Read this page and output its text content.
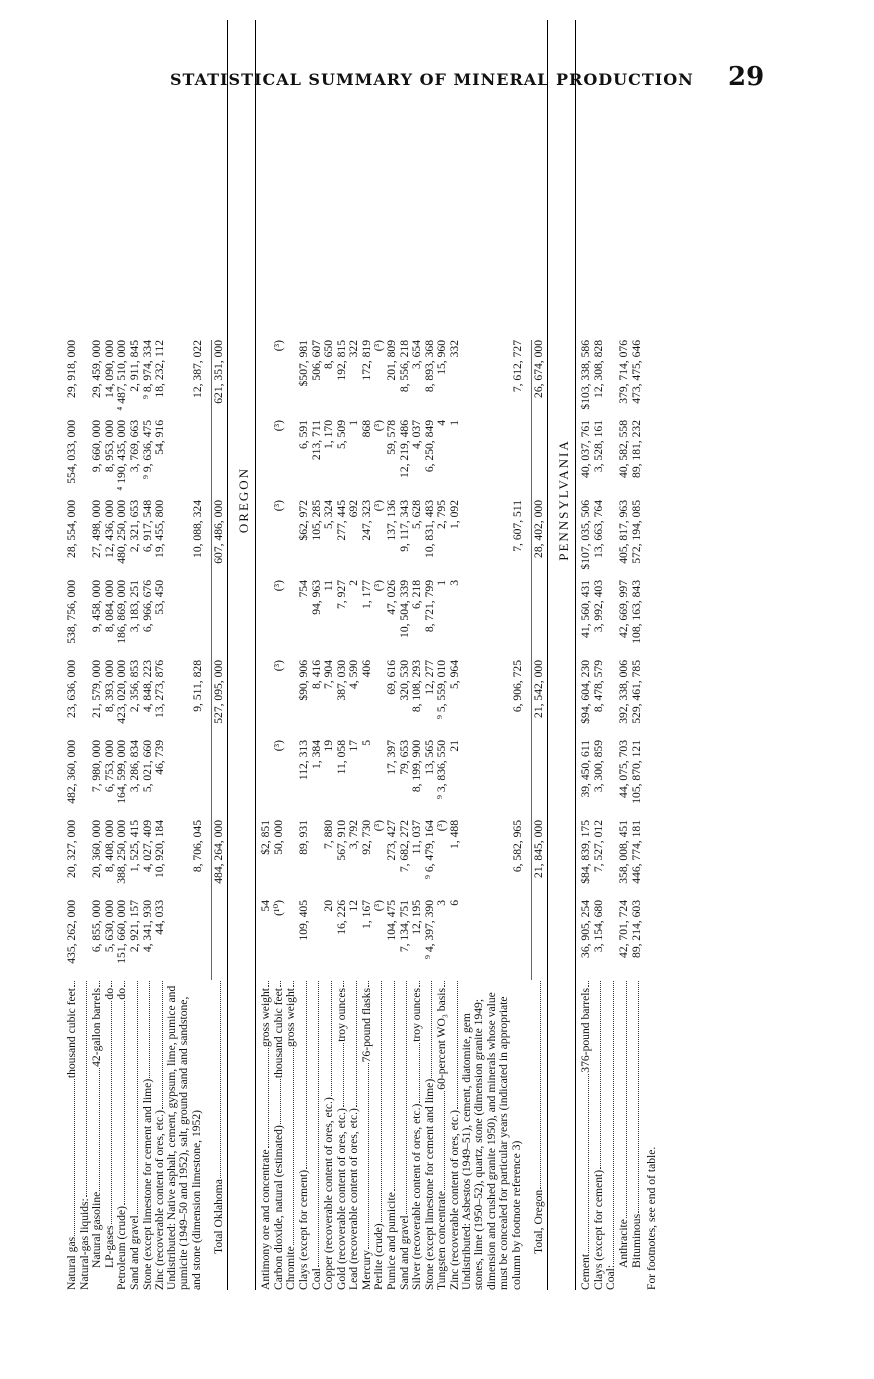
STATISTICAL SUMMARY OF MINERAL PRODUCTION 29
Natural gas
thousand cubic feet
435, 262, 000
20, 327, 000
482, 360, 000
23, 636, 000
538, 756, 000
28, 554, 000
554, 033, 000
29, 918, 000
Natural-gas liquids: Natural gasoline
42-gallon barrels
6, 855, 000
20, 360, 000
7, 980, 000
21, 579, 000
9, 458, 000
27, 498, 000
9, 660, 000
29, 459, 000
LP-gases
do
5, 630, 000
8, 408, 000
6, 753, 000
8, 393, 000
8, 084, 000
12, 436, 000
8, 953, 000
14, 090, 000
Petroleum (crude)
do
151, 660, 000
388, 250, 000
164, 599, 000
423, 020, 000
186, 869, 000
480, 250, 000
⁴ 190, 435, 000
⁴ 487, 510, 000
Sand and gravel
2, 921, 157
1, 525, 415
3, 286, 834
2, 356, 853
3, 183, 251
2, 321, 653
3, 769, 663
2, 911, 845
Stone (except limestone for cement and lime)
4, 341, 930
4, 027, 409
5, 021, 660
4, 848, 223
6, 966, 676
6, 917, 548
⁹ 9, 636, 475
⁹ 8, 974, 334
Zinc (recoverable content of ores, etc.)
44, 033
10, 920, 184
46, 739
13, 273, 876
53, 450
19, 455, 800
54, 916
18, 232, 112
Undistributed: Native asphalt, cement, gypsum, lime, pumice and pumicite (1949–50 and 1952), salt, ground sand and sandstone, and stone (dimension limestone, 1952)
8, 706, 045
9, 511, 828
10, 088, 324
12, 387, 022
Total Oklahoma
484, 264, 000
527, 095, 000
607, 486, 000
621, 351, 000
OREGON
Antimony ore and concentrate
gross weight
54
$2, 851
Carbon dioxide, natural (estimated)
thousand cubic feet
(¹⁰)
50, 000
(³)
(³)
(³)
(³)
(³)
(³)
Chromite
gross weight
Clays (except for cement)
109, 405
89, 931
112, 313
$90, 906
754
$62, 972
6, 591
$507, 981
Coal
1, 384
8, 416
94, 963
105, 285
213, 711
506, 607
Copper (recoverable content of ores, etc.)
20
7, 880
19
7, 904
11
5, 324
1, 170
8, 650
Gold (recoverable content of ores, etc.)
troy ounces
16, 226
567, 910
11, 058
387, 030
7, 927
277, 445
5, 509
192, 815
Lead (recoverable content of ores, etc.)
12
3, 792
17
4, 590
2
692
1
322
Mercury
76-pound flasks
1, 167
92, 730
5
406
1, 177
247, 323
868
172, 819
Perlite (crude)
(³)
(³)
(³)
(³)
(³)
(³)
Pumice and pumicite
104, 475
273, 427
17, 397
69, 616
47, 026
137, 136
59, 578
201, 809
Sand and gravel
7, 134, 751
7, 682, 272
79, 653
320, 530
10, 504, 339
9, 117, 343
12, 219, 486
8, 556, 218
Silver (recoverable content of ores, etc.)
troy ounces
12, 195
11, 037
8, 199, 900
8, 108, 293
6, 218
5, 628
4, 037
3, 654
Stone (except limestone for cement and lime)
⁹ 4, 397, 390
⁹ 6, 479, 164
13, 565
12, 277
8, 721, 799
10, 831, 483
6, 250, 849
8, 893, 368
Tungsten concentrate
60-percent WO₃ basis
3
(³)
⁹ 3, 836, 550
⁹ 5, 559, 010
1
2, 795
4
15, 960
Zinc (recoverable content of ores, etc.)
6
1, 488
21
5, 964
3
1, 092
1
332
Undistributed: Asbestos (1949–51), cement, diatomite, gem stones, lime (1950–52), quartz, stone (dimension granite 1949; dimension and crushed granite 1950), and minerals whose value must be concealed for particular years (indicated in appropriate column by footnote reference 3)
6, 582, 965
6, 906, 725
7, 607, 511
7, 612, 727
Total, Oregon
21, 845, 000
21, 542, 000
28, 402, 000
26, 674, 000
PENNSYLVANIA
Cement
376-pound barrels
36, 905, 254
$84, 839, 175
39, 450, 611
$94, 604, 230
41, 560, 431
$107, 035, 506
40, 037, 761
$103, 338, 586
Clays (except for cement)
3, 154, 680
7, 527, 012
3, 300, 859
8, 478, 579
3, 992, 403
13, 663, 764
3, 528, 161
12, 308, 828
Coal:
Anthracite
42, 701, 724
358, 008, 451
44, 075, 703
392, 338, 006
42, 669, 997
405, 817, 963
40, 582, 558
379, 714, 076
Bituminous
89, 214, 603
446, 774, 181
105, 870, 121
529, 461, 785
108, 163, 843
572, 194, 085
89, 181, 232
473, 475, 646
For footnotes, see end of table.
